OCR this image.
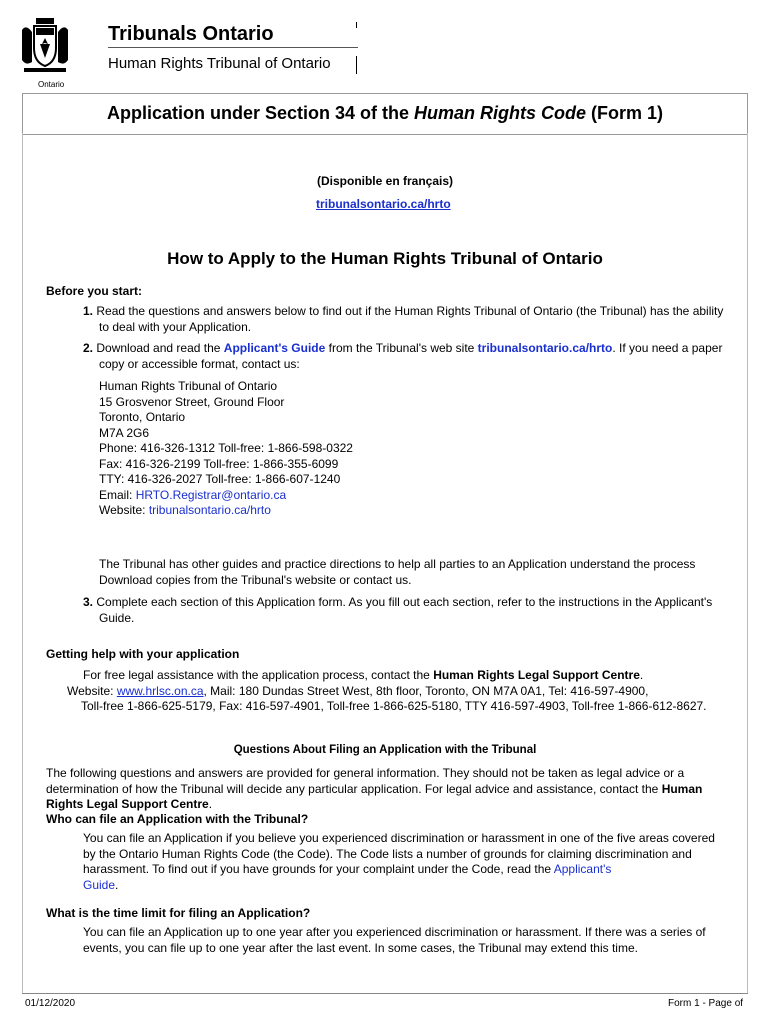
Ontario
Tribunals Ontario
Human Rights Tribunal of Ontario
Application under Section 34 of the Human Rights Code (Form 1)
(Disponible en français)
tribunalsontario.ca/hrto
How to Apply to the Human Rights Tribunal of Ontario
Before you start:
1. Read the questions and answers below to find out if the Human Rights Tribunal of Ontario (the Tribunal) has the ability
to deal with your Application.
2. Download and read the Applicant's Guide from the Tribunal's web site tribunalsontario.ca/hrto. If you need a paper
copy or accessible format, contact us:
Human Rights Tribunal of Ontario
15 Grosvenor Street, Ground Floor
Toronto, Ontario
M7A 2G6
Phone: 416-326-1312 Toll-free: 1-866-598-0322
Fax: 416-326-2199 Toll-free: 1-866-355-6099
TTY: 416-326-2027 Toll-free: 1-866-607-1240
Email: HRTO.Registrar@ontario.ca
Website: tribunalsontario.ca/hrto
The Tribunal has other guides and practice directions to help all parties to an Application understand the process
Download copies from the Tribunal's website or contact us.
3. Complete each section of this Application form. As you fill out each section, refer to the instructions in the Applicant's
Guide.
Getting help with your application
For free legal assistance with the application process, contact the Human Rights Legal Support Centre.
Website: www.hrlsc.on.ca, Mail: 180 Dundas Street West, 8th floor, Toronto, ON M7A 0A1, Tel: 416-597-4900,
Toll-free 1-866-625-5179, Fax: 416-597-4901, Toll-free 1-866-625-5180, TTY 416-597-4903, Toll-free 1-866-612-8627.
Questions About Filing an Application with the Tribunal
The following questions and answers are provided for general information. They should not be taken as legal advice or a
determination of how the Tribunal will decide any particular application. For legal advice and assistance, contact the Human
Rights Legal Support Centre.
Who can file an Application with the Tribunal?
You can file an Application if you believe you experienced discrimination or harassment in one of the five areas covered
by the Ontario Human Rights Code (the Code). The Code lists a number of grounds for claiming discrimination and
harassment. To find out if you have grounds for your complaint under the Code, read the Applicant's
Guide.
What is the time limit for filing an Application?
You can file an Application up to one year after you experienced discrimination or harassment. If there was a series of
events, you can file up to one year after the last event. In some cases, the Tribunal may extend this time.
01/12/2020	Form 1 - Page of
